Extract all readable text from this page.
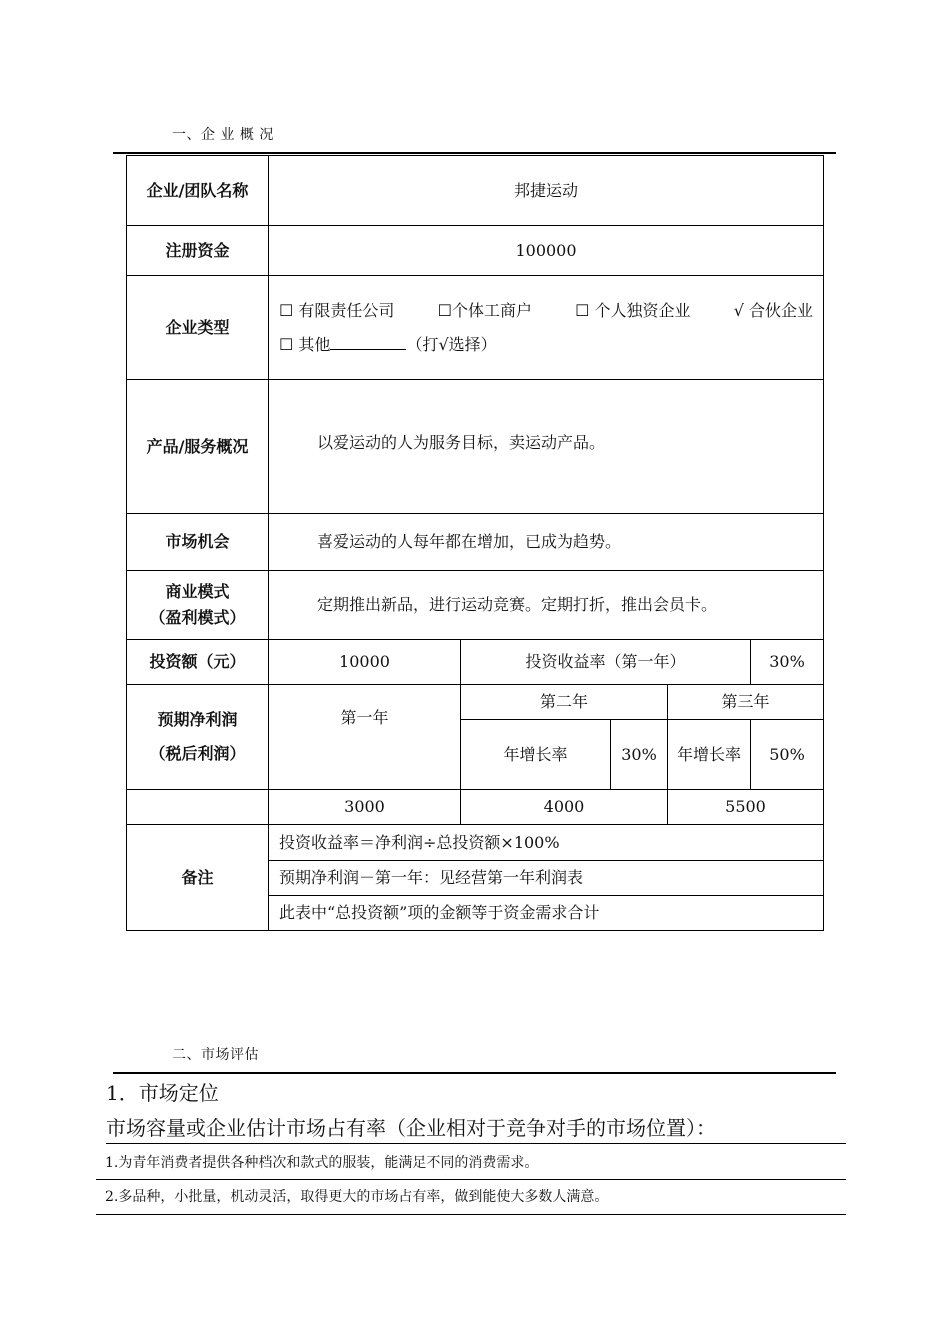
一、企 业 概 况
企业/团队名称	邦捷运动				
注册资金	100000				
企业类型	☐ 有限责任公司 ☐个体工商户 ☐ 个人独资企业 √ 合伙企业
☐ 其他 （打√选择）				

产品/服务概况	以爱运动的人为服务目标，卖运动产品。				
市场机会	喜爱运动的人每年都在增加，已成为趋势。				

商业模式
（盈利模式）	定期推出新品，进行运动竞赛。定期打折，推出会员卡。				
投资额（元）	10000	投资收益率（第一年）			30%

预期净利润
（税后利润）	第一年	第二年		第三年	
		年增长率	30%	年增长率	50%
	3000	4000		5500	
备注	投资收益率＝净利润÷总投资额×100%				
	预期净利润－第一年：见经营第一年利润表				
	此表中“总投资额”项的金额等于资金需求合计				
二、市场评估
1．市场定位
市场容量或企业估计市场占有率（企业相对于竞争对手的市场位置）：
1.为青年消费者提供各种档次和款式的服装，能满足不同的消费需求。
2.多品种，小批量，机动灵活，取得更大的市场占有率，做到能使大多数人满意。
